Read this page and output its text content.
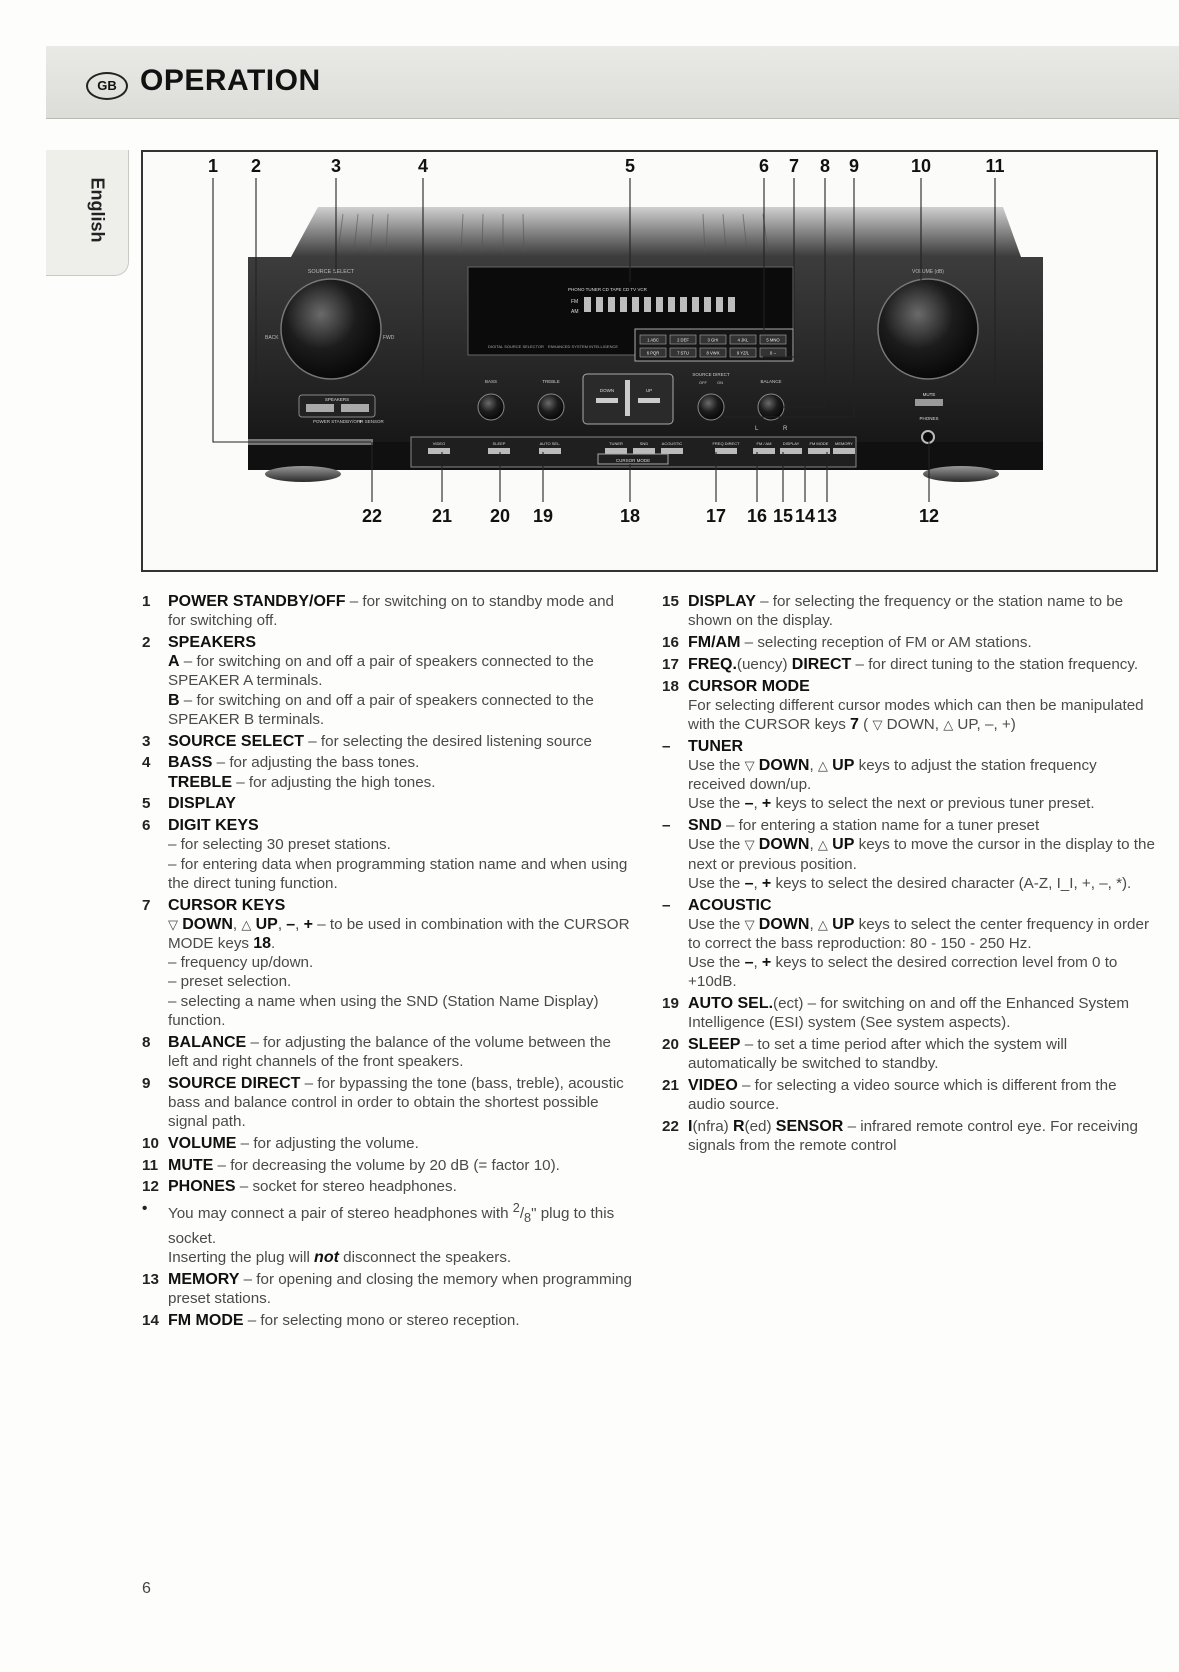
GB OPERATION
English
SOURCE SELECT
BACK	FWD
SPEAKERS
POWER STANDBY/OFF
IR SENSOR
PHONO TUNER CD TAPE CD TV VCR
FM
AM
DIGITAL SOURCE SELECTOR ENHANCED SYSTEM INTELLIGENCE
1 ABC	2 DEF	3 GHI	4 JKL	5 MNO
6 PQR	7 STU	8 VWX	9 YZ/L	0 --
BASS	TREBLE
DOWN	UP
SOURCE DIRECT
OFF	ON	BALANCE
L	R
VOLUME (dB)
MUTE
PHONES
VIDEO	SLEEP	AUTO SEL.	TUNER	SND	ACOUSTIC	FREQ DIRECT	FM / AM	DISPLAY	FM MODE MEMORY
CURSOR MODE
1 2	3	4	5	6 7 8 9	10	11
22	21 20 19	18	17 16 15 14 13	12
1	POWER STANDBY/OFF – for switching on to standby mode and for switching off.
2	SPEAKERS
A – for switching on and off a pair of speakers connected to the SPEAKER A terminals.
B – for switching on and off a pair of speakers connected to the SPEAKER B terminals.
3	SOURCE SELECT – for selecting the desired listening source
4	BASS – for adjusting the bass tones.
TREBLE – for adjusting the high tones.
5	DISPLAY
6	DIGIT KEYS
– for selecting 30 preset stations.
– for entering data when programming station name and when using the direct tuning function.
7	CURSOR KEYS
▽ DOWN, △ UP, –, + – to be used in combination with the CURSOR MODE keys 18.
– frequency up/down.
– preset selection.
– selecting a name when using the SND (Station Name Display) function.
8	BALANCE – for adjusting the balance of the volume between the left and right channels of the front speakers.
9	SOURCE DIRECT – for bypassing the tone (bass, treble), acoustic bass and balance control in order to obtain the shortest possible signal path.
10 VOLUME – for adjusting the volume.
11 MUTE – for decreasing the volume by 20 dB (= factor 10).
12 PHONES – socket for stereo headphones.
•	You may connect a pair of stereo headphones with $^2/_8$" plug to this socket.
Inserting the plug will not disconnect the speakers.
13 MEMORY – for opening and closing the memory when programming preset stations.
14 FM MODE – for selecting mono or stereo reception.
15 DISPLAY – for selecting the frequency or the station name to be shown on the display.
16 FM/AM – selecting reception of FM or AM stations.
17 FREQ.(uency) DIRECT – for direct tuning to the station frequency.
18 CURSOR MODE
For selecting different cursor modes which can then be manipulated with the CURSOR keys 7 ( ▽ DOWN, △ UP, –, +)
–	TUNER
Use the ▽ DOWN, △ UP keys to adjust the station frequency received down/up.
Use the –, + keys to select the next or previous tuner preset.
–	SND – for entering a station name for a tuner preset
Use the ▽ DOWN, △ UP keys to move the cursor in the display to the next or previous position.
Use the –, + keys to select the desired character (A-Z, I_I, +, –, *).
–	ACOUSTIC
Use the ▽ DOWN, △ UP keys to select the center frequency in order to correct the bass reproduction: 80 - 150 - 250 Hz.
Use the –, + keys to select the desired correction level from 0 to +10dB.
19 AUTO SEL.(ect) – for switching on and off the Enhanced System Intelligence (ESI) system (See system aspects).
20 SLEEP – to set a time period after which the system will automatically be switched to standby.
21 VIDEO – for selecting a video source which is different from the audio source.
22 I(nfra) R(ed) SENSOR – infrared remote control eye. For receiving signals from the remote control
6
